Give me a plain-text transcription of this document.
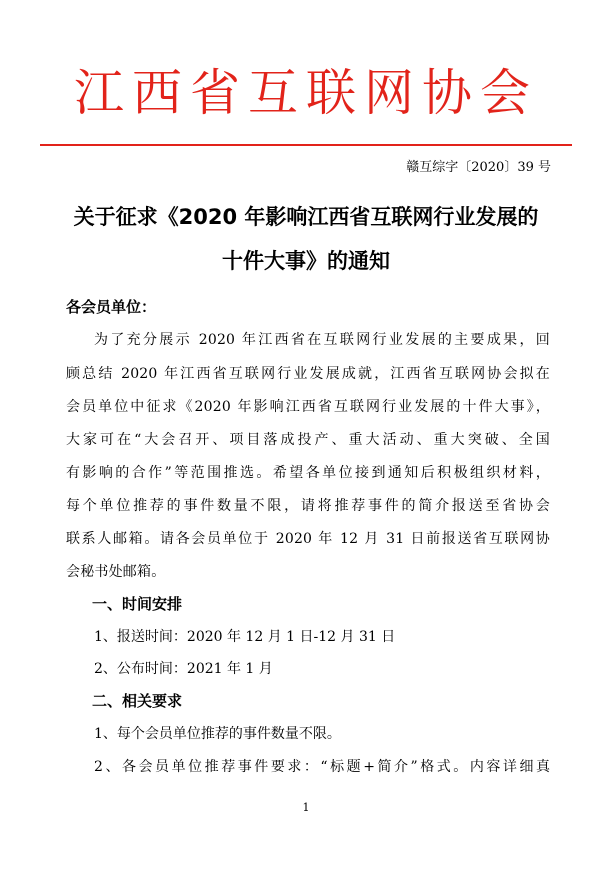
江西省互联网协会
赣互综字〔2020〕39 号
关于征求《2020 年影响江西省互联网行业发展的
十件大事》的通知
各会员单位：
为了充分展示 2020 年江西省在互联网行业发展的主要成果，回
顾总结 2020 年江西省互联网行业发展成就，江西省互联网协会拟在
会员单位中征求《2020 年影响江西省互联网行业发展的十件大事》，
大家可在“大会召开、项目落成投产、重大活动、重大突破、全国
有影响的合作”等范围推选。希望各单位接到通知后积极组织材料，
每个单位推荐的事件数量不限，请将推荐事件的简介报送至省协会
联系人邮箱。请各会员单位于 2020 年 12 月 31 日前报送省互联网协
会秘书处邮箱。
一、时间安排
1、报送时间：2020 年 12 月 1 日-12 月 31 日
2、公布时间：2021 年 1 月
二、相关要求
1、每个会员单位推荐的事件数量不限。
2、各会员单位推荐事件要求：“标题+简介”格式。内容详细真
1
